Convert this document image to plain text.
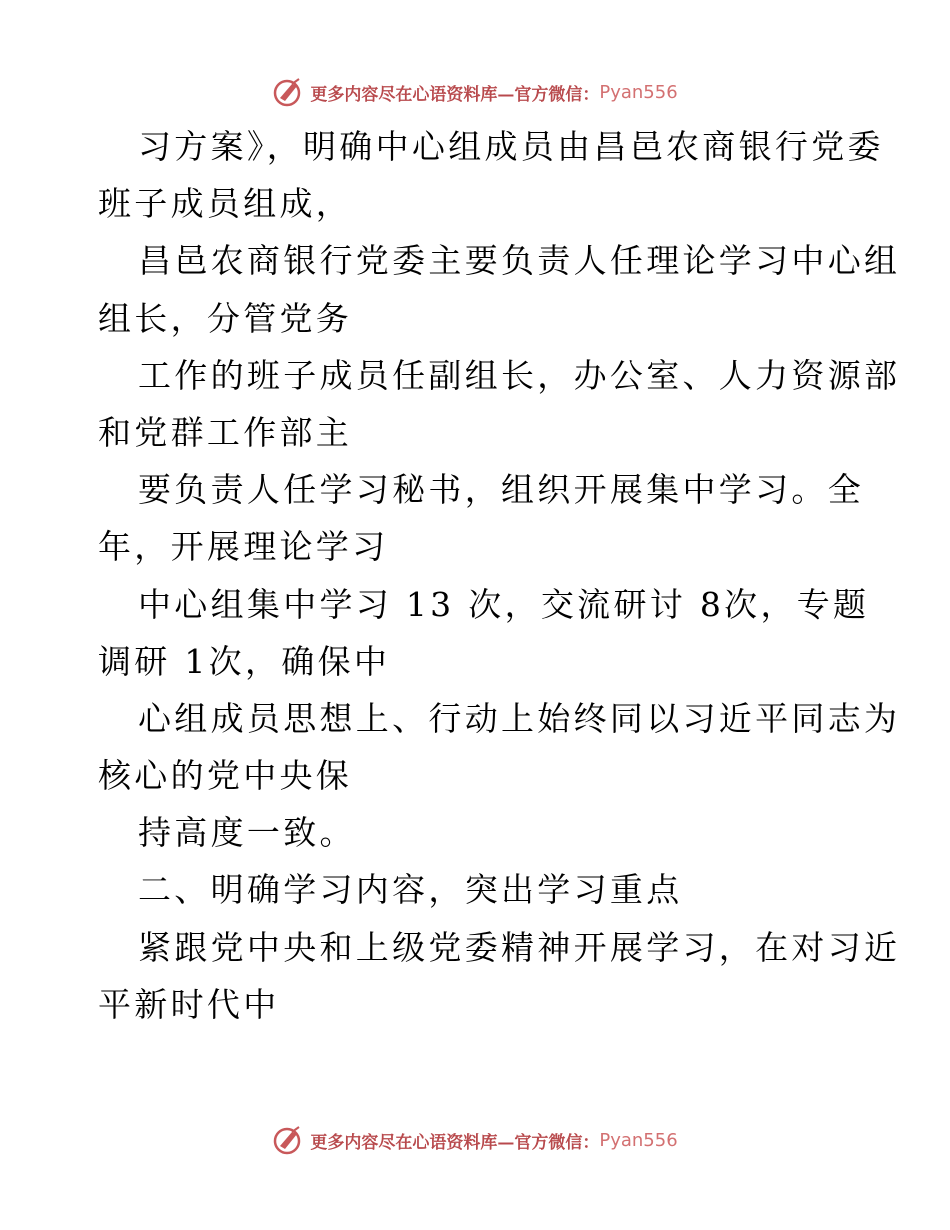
更多内容尽在心语资料库—官方微信： Pyan556
习方案》，明确中心组成员由昌邑农商银行党委
班子成员组成，
昌邑农商银行党委主要负责人任理论学习中心组
组长，分管党务
工作的班子成员任副组长，办公室、人力资源部
和党群工作部主
要负责人任学习秘书，组织开展集中学习。全
年，开展理论学习
中心组集中学习 13 次，交流研讨 8次，专题
调研 1次，确保中
心组成员思想上、行动上始终同以习近平同志为
核心的党中央保
持高度一致。
二、明确学习内容，突出学习重点
紧跟党中央和上级党委精神开展学习，在对习近
平新时代中
更多内容尽在心语资料库—官方微信： Pyan556
